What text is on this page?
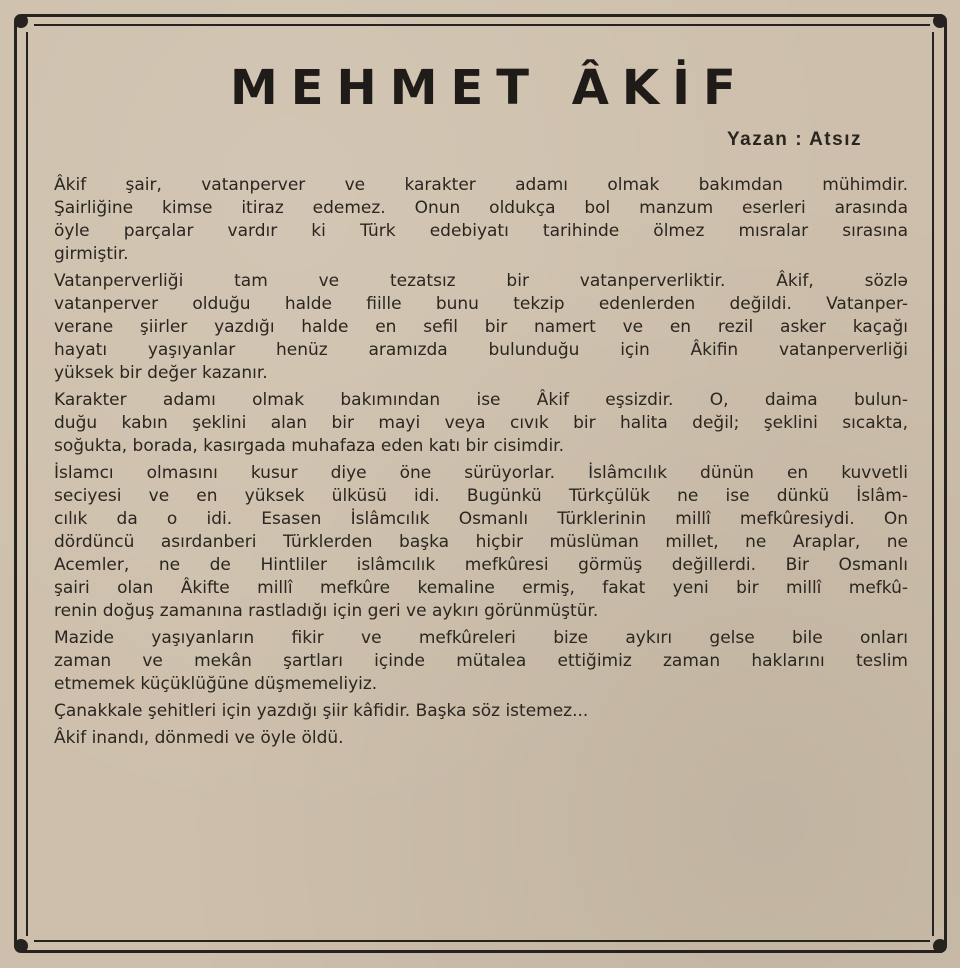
MEHMET ÂKİF

Yazan : Atsız

Âkif şair, vatanperver ve karakter adamı olmak bakımdan mühimdir.
Şairliğine kimse itiraz edemez. Onun oldukça bol manzum eserleri arasında
öyle parçalar vardır ki Türk edebiyatı tarihinde ölmez mısralar sırasına
girmiştir.

Vatanperverliği tam ve tezatsız bir vatanperverliktir. Âkif, sözlə
vatanperver olduğu halde fiille bunu tekzip edenlerden değildi. Vatanper-
verane şiirler yazdığı halde en sefil bir namert ve en rezil asker kaçağı
hayatı yaşıyanlar henüz aramızda bulunduğu için Âkifin vatanperverliği
yüksek bir değer kazanır.

Karakter adamı olmak bakımından ise Âkif eşsizdir. O, daima bulun-
duğu kabın şeklini alan bir mayi veya cıvık bir halita değil; şeklini sıcakta,
soğukta, borada, kasırgada muhafaza eden katı bir cisimdir.

İslamcı olmasını kusur diye öne sürüyorlar. İslâmcılık dünün en kuvvetli
seciyesi ve en yüksek ülküsü idi. Bugünkü Türkçülük ne ise dünkü İslâm-
cılık da o idi. Esasen İslâmcılık Osmanlı Türklerinin millî mefkûresiydi. On
dördüncü asırdanberi Türklerden başka hiçbir müslüman millet, ne Araplar, ne
Acemler, ne de Hintliler islâmcılık mefkûresi görmüş değillerdi. Bir Osmanlı
şairi olan Âkifte millî mefkûre kemaline ermiş, fakat yeni bir millî mefkû-
renin doğuş zamanına rastladığı için geri ve aykırı görünmüştür.

Mazide yaşıyanların fikir ve mefkûreleri bize aykırı gelse bile onları
zaman ve mekân şartları içinde mütalea ettiğimiz zaman haklarını teslim
etmemek küçüklüğüne düşmemeliyiz.

Çanakkale şehitleri için yazdığı şiir kâfidir. Başka söz istemez...

Âkif inandı, dönmedi ve öyle öldü.
